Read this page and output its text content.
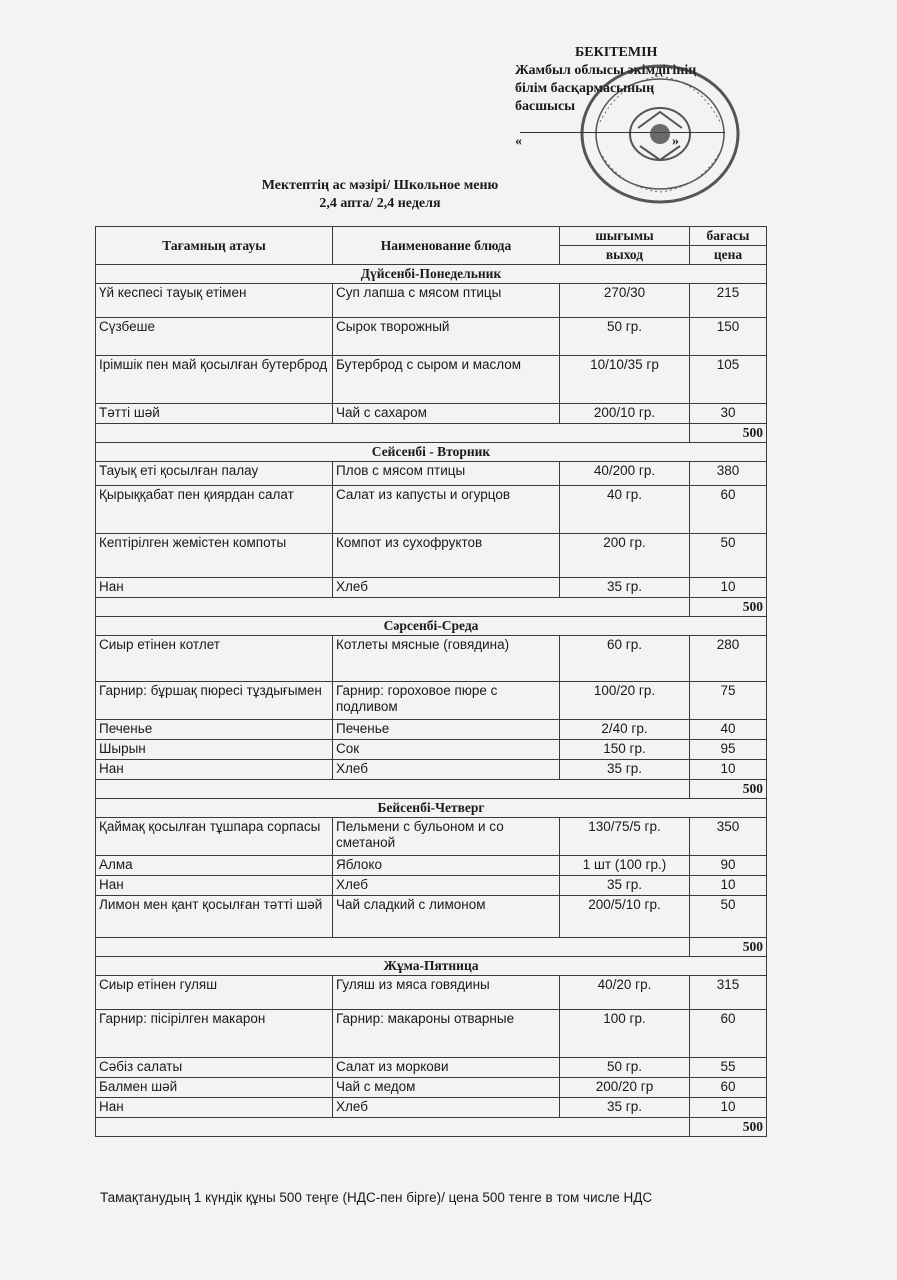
БЕКІТЕМІН
Жамбыл облысы әкімдігінің
білім басқармасының
басшысы
«	»
Мектептің ас мәзірі/ Школьное меню
2,4 апта/ 2,4 неделя
Тағамның атауы	Наименование блюда	шығымы	бағасы
		выход	цена
Дүйсенбі-Понедельник			
Үй кеспесі тауық етімен	Суп лапша с мясом птицы	270/30	215
Сүзбеше	Сырок творожный	50 гр.	150
Ірімшік пен май қосылған бутерброд	Бутерброд с сыром и маслом	10/10/35 гр	105
Тәтті шәй	Чай с сахаром	200/10 гр.	30
			500
Сейсенбі - Вторник			
Тауық еті қосылған палау	Плов с мясом птицы	40/200 гр.	380
Қырыққабат пен қиярдан салат	Салат из капусты и огурцов	40 гр.	60
Кептірілген жемістен компоты	Компот из сухофруктов	200 гр.	50
Нан	Хлеб	35 гр.	10
			500
Сәрсенбі-Среда			
Сиыр етінен котлет	Котлеты мясные (говядина)	60 гр.	280
Гарнир: бұршақ пюресі тұздығымен	Гарнир: гороховое пюре с подливом	100/20 гр.	75
Печенье	Печенье	2/40 гр.	40
Шырын	Сок	150 гр.	95
Нан	Хлеб	35 гр.	10
			500
Бейсенбі-Четверг			
Қаймақ қосылған тұшпара сорпасы	Пельмени с бульоном и со сметаной	130/75/5 гр.	350
Алма	Яблоко	1 шт (100 гр.)	90
Нан	Хлеб	35 гр.	10
Лимон мен қант қосылған тәтті шәй	Чай сладкий с лимоном	200/5/10 гр.	50
			500
Жұма-Пятница			
Сиыр етінен гуляш	Гуляш из мяса говядины	40/20 гр.	315
Гарнир: пісірілген макарон	Гарнир: макароны отварные	100 гр.	60
Сәбіз салаты	Салат из моркови	50 гр.	55
Балмен шәй	Чай с медом	200/20 гр	60
Нан	Хлеб	35 гр.	10
			500
Тамақтанудың 1 күндік құны 500 теңге (НДС-пен бірге)/ цена 500 тенге в том числе НДС
